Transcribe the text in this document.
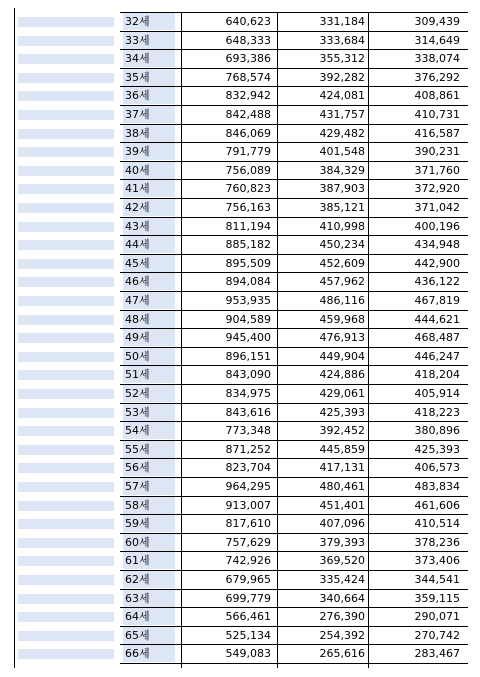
32세	640,623	331,184	309,439
33세	648,333	333,684	314,649
34세	693,386	355,312	338,074
35세	768,574	392,282	376,292
36세	832,942	424,081	408,861
37세	842,488	431,757	410,731
38세	846,069	429,482	416,587
39세	791,779	401,548	390,231
40세	756,089	384,329	371,760
41세	760,823	387,903	372,920
42세	756,163	385,121	371,042
43세	811,194	410,998	400,196
44세	885,182	450,234	434,948
45세	895,509	452,609	442,900
46세	894,084	457,962	436,122
47세	953,935	486,116	467,819
48세	904,589	459,968	444,621
49세	945,400	476,913	468,487
50세	896,151	449,904	446,247
51세	843,090	424,886	418,204
52세	834,975	429,061	405,914
53세	843,616	425,393	418,223
54세	773,348	392,452	380,896
55세	871,252	445,859	425,393
56세	823,704	417,131	406,573
57세	964,295	480,461	483,834
58세	913,007	451,401	461,606
59세	817,610	407,096	410,514
60세	757,629	379,393	378,236
61세	742,926	369,520	373,406
62세	679,965	335,424	344,541
63세	699,779	340,664	359,115
64세	566,461	276,390	290,071
65세	525,134	254,392	270,742
66세	549,083	265,616	283,467
